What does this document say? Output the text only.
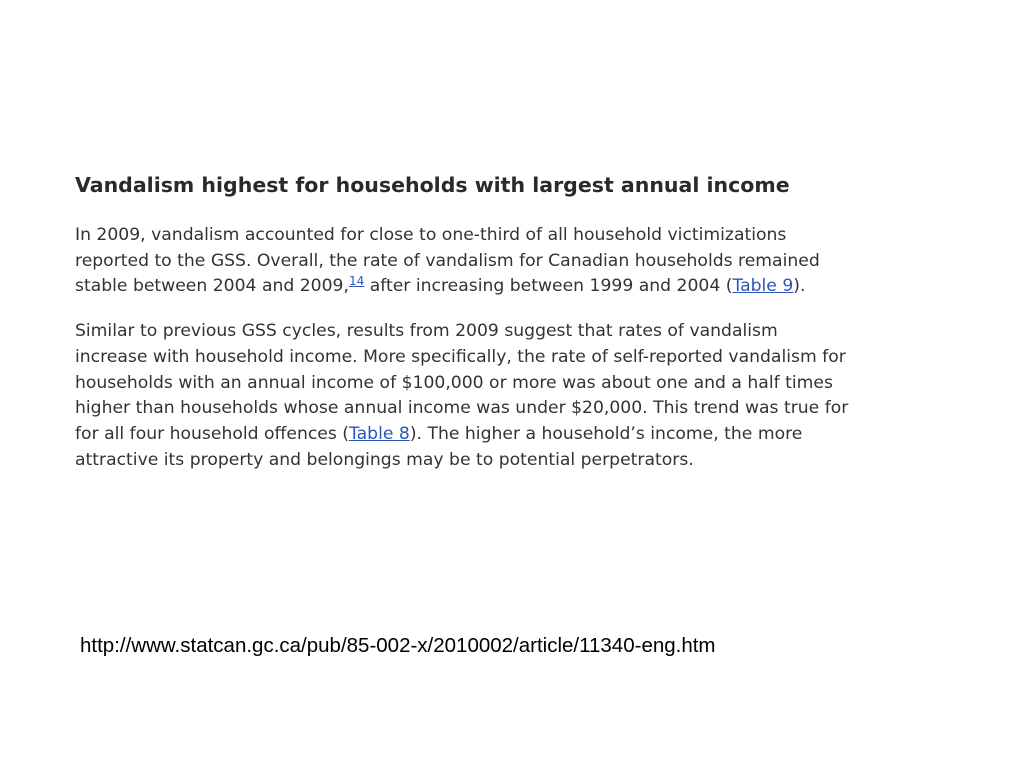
Vandalism highest for households with largest annual income

In 2009, vandalism accounted for close to one-third of all household victimizations
reported to the GSS. Overall, the rate of vandalism for Canadian households remained
stable between 2004 and 2009,14 after increasing between 1999 and 2004 (Table 9).

Similar to previous GSS cycles, results from 2009 suggest that rates of vandalism
increase with household income. More specifically, the rate of self-reported vandalism for
households with an annual income of $100,000 or more was about one and a half times
higher than households whose annual income was under $20,000. This trend was true for
for all four household offences (Table 8). The higher a household’s income, the more
attractive its property and belongings may be to potential perpetrators.

http://www.statcan.gc.ca/pub/85-002-x/2010002/article/11340-eng.htm
